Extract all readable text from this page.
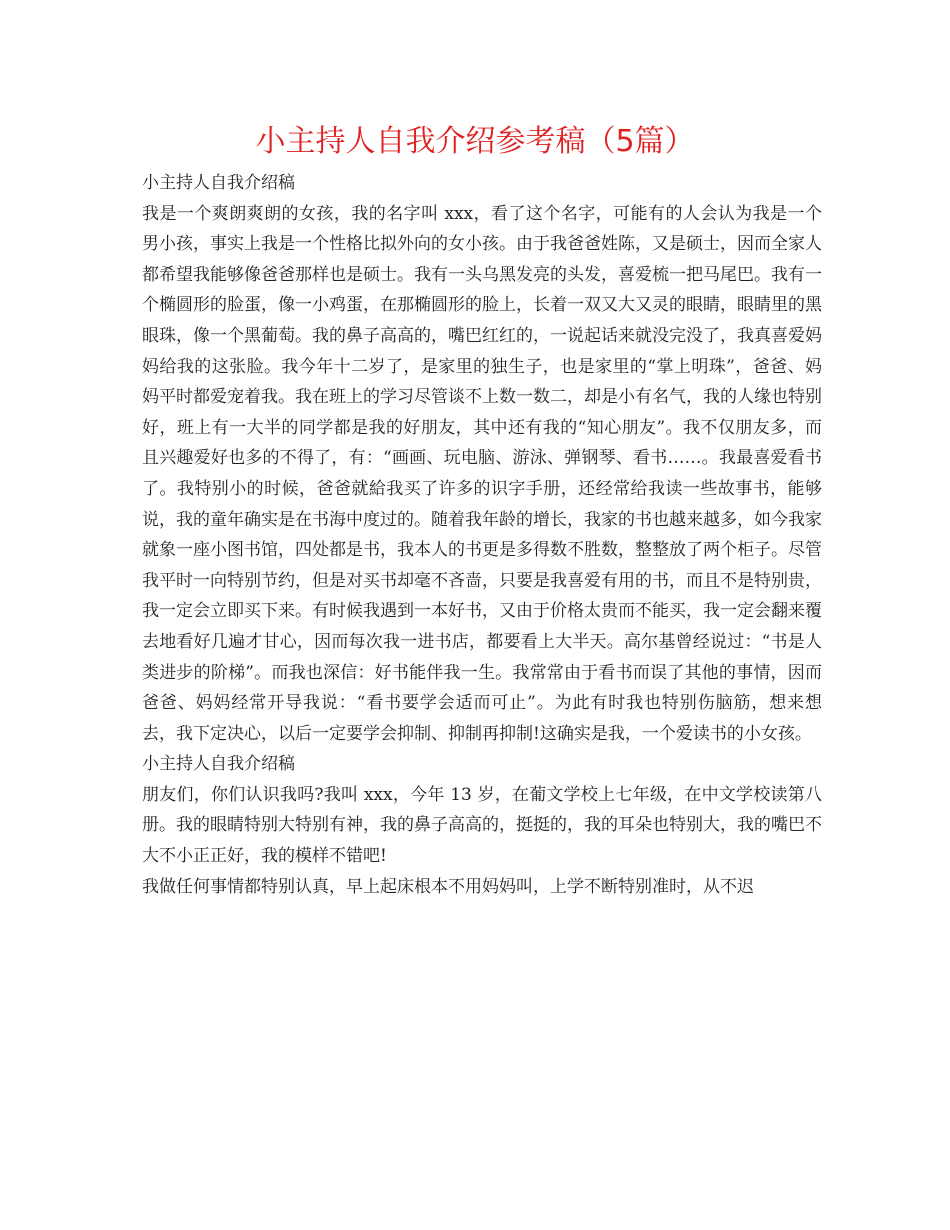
小主持人自我介绍参考稿（5篇）
小主持人自我介绍稿

我是一个爽朗爽朗的女孩，我的名字叫 xxx，看了这个名字，可能有的人会认为我是一个男小孩，事实上我是一个性格比拟外向的女小孩。由于我爸爸姓陈，又是硕士，因而全家人都希望我能够像爸爸那样也是硕士。我有一头乌黑发亮的头发，喜爱梳一把马尾巴。我有一个椭圆形的脸蛋，像一小鸡蛋，在那椭圆形的脸上，长着一双又大又灵的眼睛，眼睛里的黑眼珠，像一个黑葡萄。我的鼻子高高的，嘴巴红红的，一说起话来就没完没了，我真喜爱妈妈给我的这张脸。我今年十二岁了，是家里的独生子，也是家里的“掌上明珠”，爸爸、妈妈平时都爱宠着我。我在班上的学习尽管谈不上数一数二，却是小有名气，我的人缘也特别好，班上有一大半的同学都是我的好朋友，其中还有我的“知心朋友”。我不仅朋友多，而且兴趣爱好也多的不得了，有：“画画、玩电脑、游泳、弹钢琴、看书……。我最喜爱看书了。我特别小的时候，爸爸就給我买了许多的识字手册，还经常给我读一些故事书，能够说，我的童年确实是在书海中度过的。随着我年龄的增长，我家的书也越来越多，如今我家就象一座小图书馆，四处都是书，我本人的书更是多得数不胜数，整整放了两个柜子。尽管我平时一向特别节约，但是对买书却毫不吝啬，只要是我喜爱有用的书，而且不是特别贵，我一定会立即买下来。有时候我遇到一本好书，又由于价格太贵而不能买，我一定会翻来覆去地看好几遍才甘心，因而每次我一进书店，都要看上大半天。高尔基曾经说过：“书是人类进步的阶梯”。而我也深信：好书能伴我一生。我常常由于看书而误了其他的事情，因而爸爸、妈妈经常开导我说：“看书要学会适而可止”。为此有时我也特别伤脑筋，想来想去，我下定决心，以后一定要学会抑制、抑制再抑制!这确实是我，一个爱读书的小女孩。

小主持人自我介绍稿

朋友们，你们认识我吗?我叫 xxx，今年 13 岁，在葡文学校上七年级，在中文学校读第八册。我的眼睛特别大特别有神，我的鼻子高高的，挺挺的，我的耳朵也特别大，我的嘴巴不大不小正正好，我的模样不错吧!

我做任何事情都特别认真，早上起床根本不用妈妈叫，上学不断特别准时，从不迟
